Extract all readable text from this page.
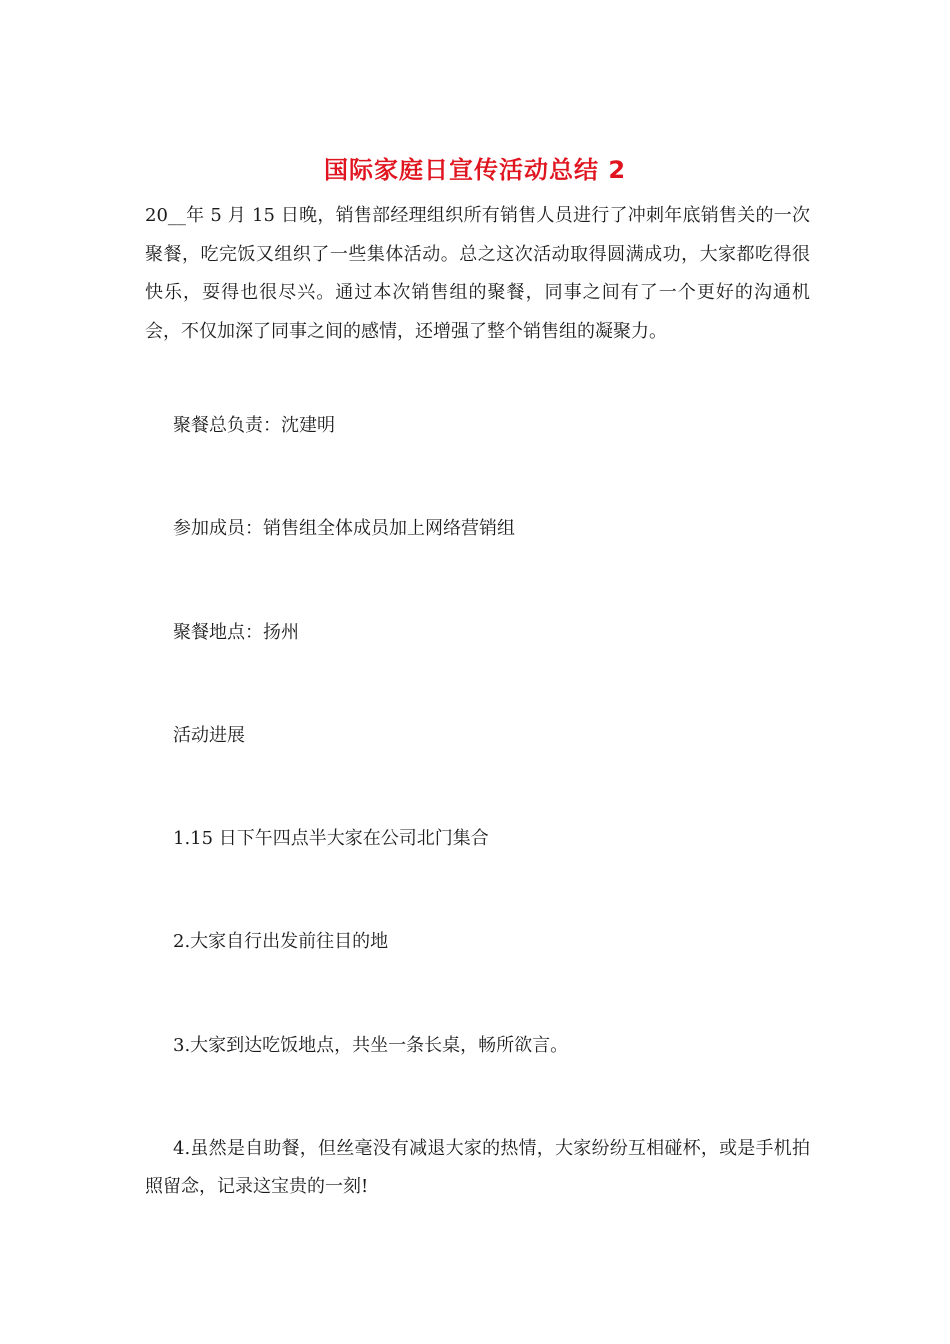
国际家庭日宣传活动总结 2
20__年 5 月 15 日晚，销售部经理组织所有销售人员进行了冲刺年底销售关的一次聚餐，吃完饭又组织了一些集体活动。总之这次活动取得圆满成功，大家都吃得很快乐，耍得也很尽兴。通过本次销售组的聚餐，同事之间有了一个更好的沟通机会，不仅加深了同事之间的感情，还增强了整个销售组的凝聚力。
聚餐总负责：沈建明
参加成员：销售组全体成员加上网络营销组
聚餐地点：扬州
活动进展
1.15 日下午四点半大家在公司北门集合
2.大家自行出发前往目的地
3.大家到达吃饭地点，共坐一条长桌，畅所欲言。
4.虽然是自助餐，但丝毫没有减退大家的热情，大家纷纷互相碰杯，或是手机拍照留念，记录这宝贵的一刻!
